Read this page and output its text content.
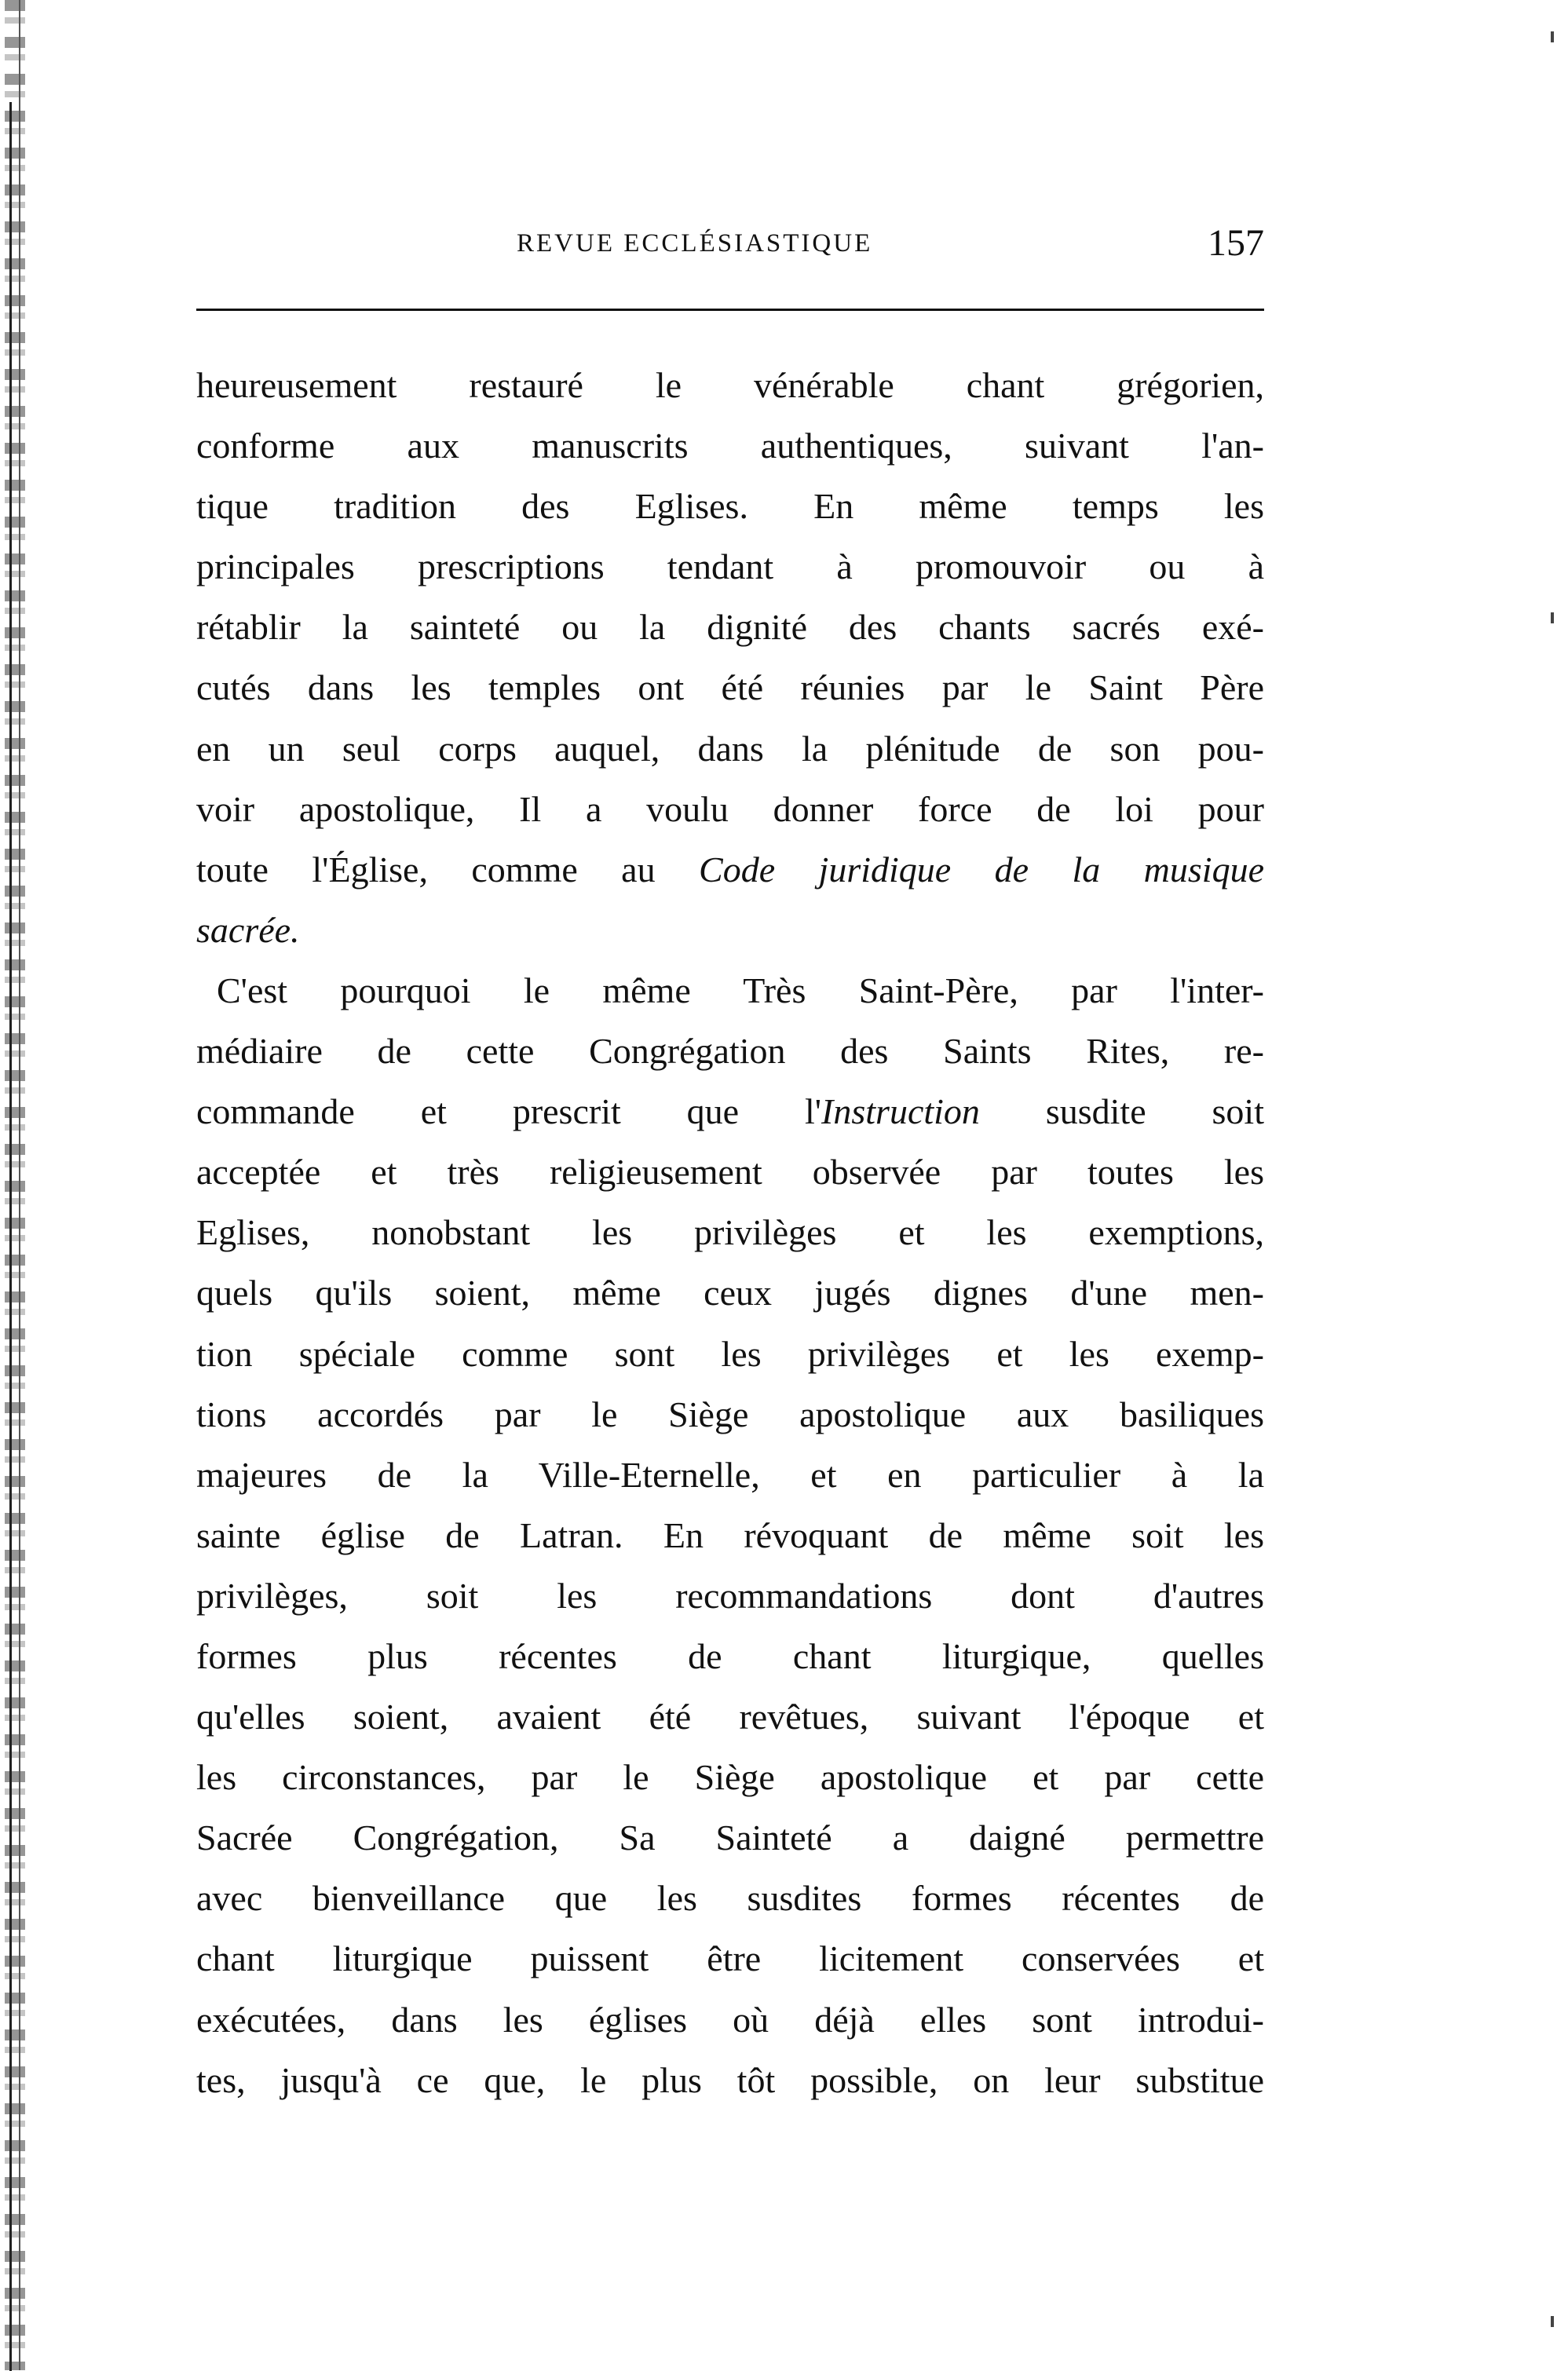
REVUE ECCLÉSIASTIQUE	157
heureusement restauré le vénérable chant grégorien,
conforme aux manuscrits authentiques, suivant l'an-
tique tradition des Eglises. En même temps les
principales prescriptions tendant à promouvoir ou à
rétablir la sainteté ou la dignité des chants sacrés exé-
cutés dans les temples ont été réunies par le Saint Père
en un seul corps auquel, dans la plénitude de son pou-
voir apostolique, Il a voulu donner force de loi pour
toute l'Église, comme au Code juridique de la musique
sacrée.
C'est pourquoi le même Très Saint-Père, par l'inter-
médiaire de cette Congrégation des Saints Rites, re-
commande et prescrit que l'Instruction susdite soit
acceptée et très religieusement observée par toutes les
Eglises, nonobstant les privilèges et les exemptions,
quels qu'ils soient, même ceux jugés dignes d'une men-
tion spéciale comme sont les privilèges et les exemp-
tions accordés par le Siège apostolique aux basiliques
majeures de la Ville-Eternelle, et en particulier à la
sainte église de Latran. En révoquant de même soit les
privilèges, soit les recommandations dont d'autres
formes plus récentes de chant liturgique, quelles
qu'elles soient, avaient été revêtues, suivant l'époque et
les circonstances, par le Siège apostolique et par cette
Sacrée Congrégation, Sa Sainteté a daigné permettre
avec bienveillance que les susdites formes récentes de
chant liturgique puissent être licitement conservées et
exécutées, dans les églises où déjà elles sont introdui-
tes, jusqu'à ce que, le plus tôt possible, on leur substitue
